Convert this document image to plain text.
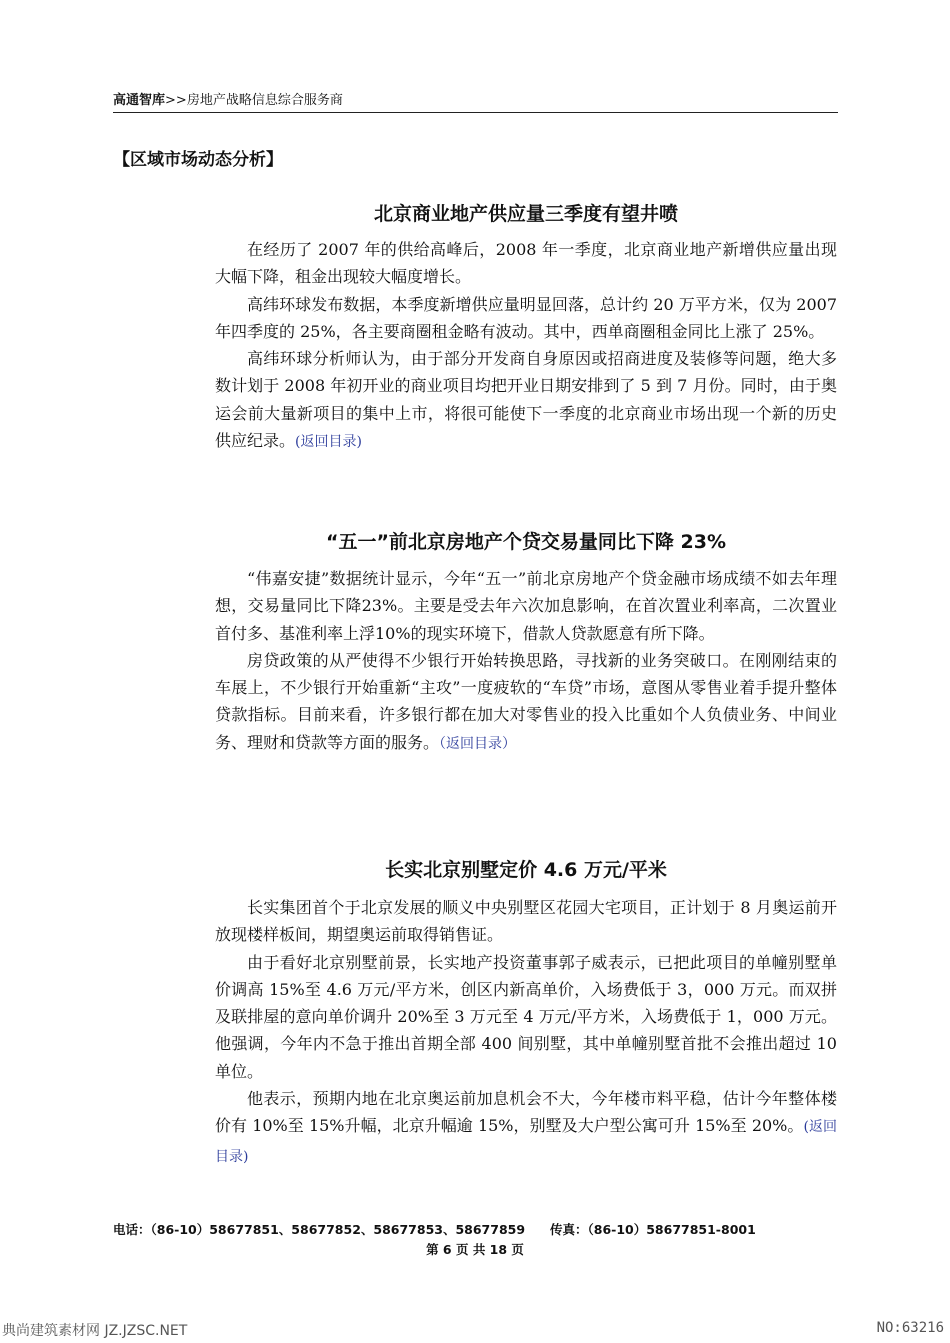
高通智库>>房地产战略信息综合服务商
【区域市场动态分析】
北京商业地产供应量三季度有望井喷

在经历了 2007 年的供给高峰后，2008 年一季度，北京商业地产新增供应量出现大幅下降，租金出现较大幅度增长。

高纬环球发布数据，本季度新增供应量明显回落，总计约 20 万平方米，仅为 2007 年四季度的 25%，各主要商圈租金略有波动。其中，西单商圈租金同比上涨了 25%。

高纬环球分析师认为，由于部分开发商自身原因或招商进度及装修等问题，绝大多数计划于 2008 年初开业的商业项目均把开业日期安排到了 5 到 7 月份。同时，由于奥运会前大量新项目的集中上市，将很可能使下一季度的北京商业市场出现一个新的历史供应纪录。(返回目录)

“五一”前北京房地产个贷交易量同比下降 23%

“伟嘉安捷”数据统计显示，今年“五一”前北京房地产个贷金融市场成绩不如去年理想，交易量同比下降23%。主要是受去年六次加息影响，在首次置业利率高，二次置业首付多、基准利率上浮10%的现实环境下，借款人贷款愿意有所下降。

房贷政策的从严使得不少银行开始转换思路，寻找新的业务突破口。在刚刚结束的车展上，不少银行开始重新“主攻”一度疲软的“车贷”市场，意图从零售业着手提升整体贷款指标。目前来看，许多银行都在加大对零售业的投入比重如个人负债业务、中间业务、理财和贷款等方面的服务。（返回目录）

长实北京别墅定价 4.6 万元/平米

长实集团首个于北京发展的顺义中央别墅区花园大宅项目，正计划于 8 月奥运前开放现楼样板间，期望奥运前取得销售证。

由于看好北京别墅前景，长实地产投资董事郭子威表示，已把此项目的单幢别墅单价调高 15%至 4.6 万元/平方米，创区内新高单价，入场费低于 3，000 万元。而双拼及联排屋的意向单价调升 20%至 3 万元至 4 万元/平方米，入场费低于 1，000 万元。他强调，今年内不急于推出首期全部 400 间别墅，其中单幢别墅首批不会推出超过 10 单位。

他表示，预期内地在北京奥运前加息机会不大，今年楼市料平稳，估计今年整体楼价有 10%至 15%升幅，北京升幅逾 15%，别墅及大户型公寓可升 15%至 20%。(返回目录)

电话：（86-10）58677851、58677852、58677853、58677859 传真：（86-10）58677851-8001
第 6 页 共 18 页
典尚建筑素材网 JZ.JZSC.NET	NO:63216
